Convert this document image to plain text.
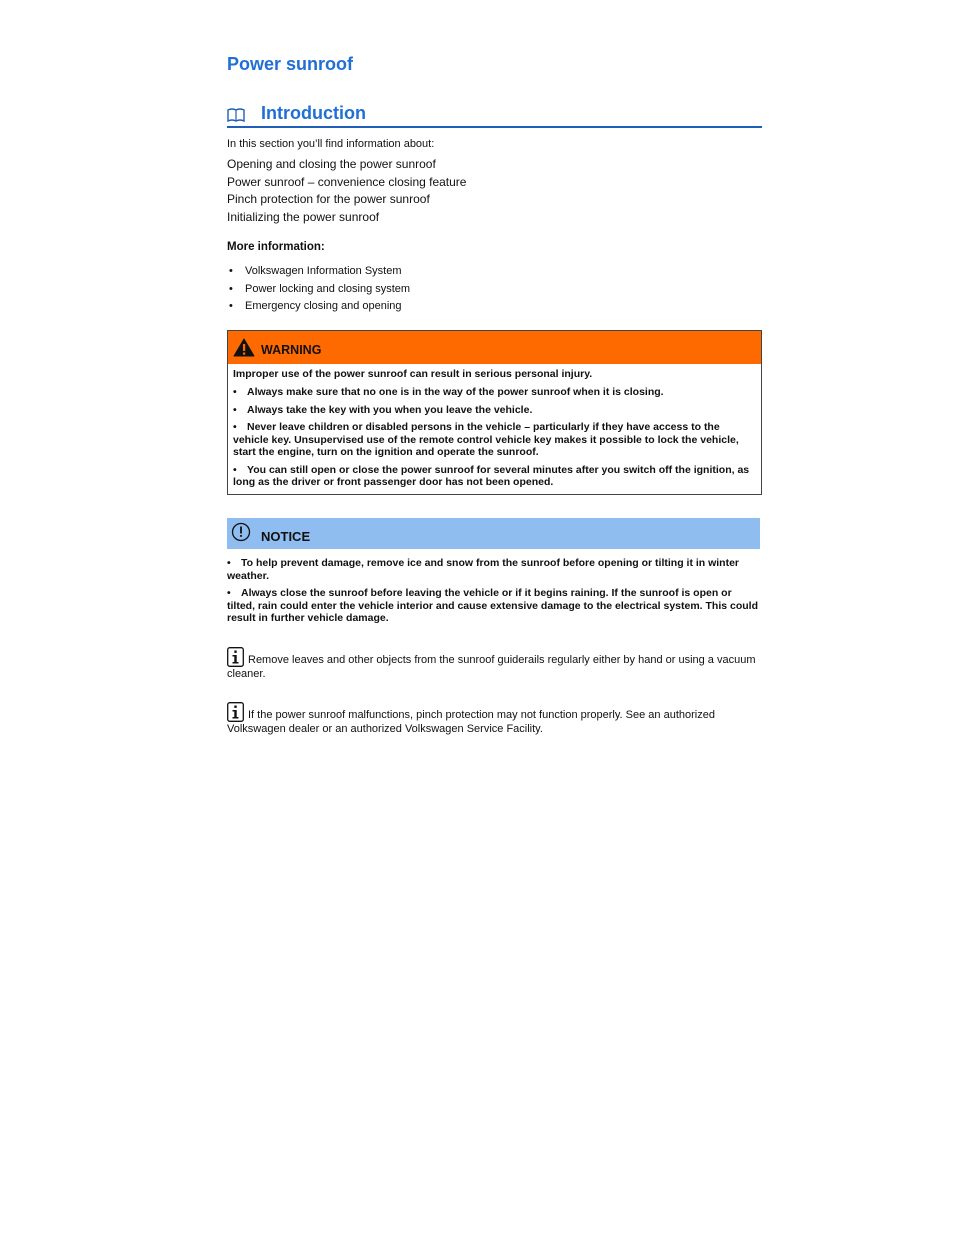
Power sunroof
Introduction
In this section you’ll find information about:
Opening and closing the power sunroof
Power sunroof – convenience closing feature
Pinch protection for the power sunroof
Initializing the power sunroof
More information:
• Volkswagen Information System
• Power locking and closing system
• Emergency closing and opening
WARNING

Improper use of the power sunroof can result in serious personal injury.

• Always make sure that no one is in the way of the power sunroof when it is closing.

• Always take the key with you when you leave the vehicle.

• Never leave children or disabled persons in the vehicle – particularly if they have access to the vehicle key. Unsupervised use of the remote control vehicle key makes it possible to lock the vehicle, start the engine, turn on the ignition and operate the sunroof.

• You can still open or close the power sunroof for several minutes after you switch off the ignition, as long as the driver or front passenger door has not been opened.

NOTICE

• To help prevent damage, remove ice and snow from the sunroof before opening or tilting it in winter weather.

• Always close the sunroof before leaving the vehicle or if it begins raining. If the sunroof is open or tilted, rain could enter the vehicle interior and cause extensive damage to the electrical system. This could result in further vehicle damage.

Remove leaves and other objects from the sunroof guiderails regularly either by hand or using a vacuum cleaner.
If the power sunroof malfunctions, pinch protection may not function properly. See an authorized Volkswagen dealer or an authorized Volkswagen Service Facility.
